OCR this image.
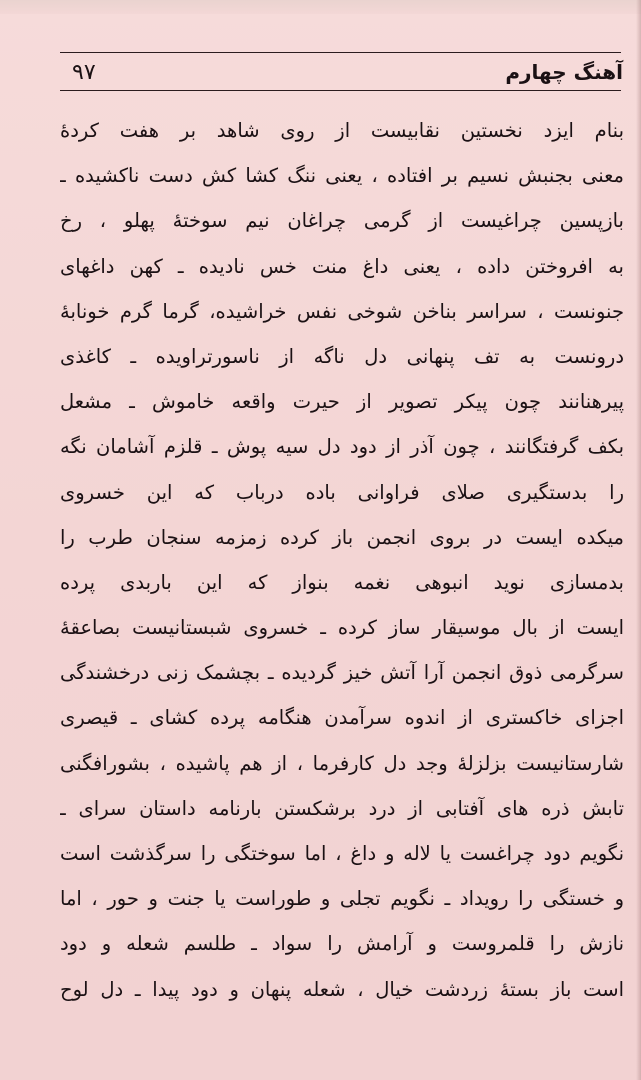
۹۷	آهنگ چهارم
بنام ایزد نخستین نقابیست از روی شاهد بر هفت کردهٔ
معنی بجنبش نسیم بر افتاده ، یعنی ننگ کشا کش دست ناکشیده ـ
بازپسین چراغیست از گرمی چراغان نیم سوختهٔ پهلو ، رخ
به افروختن داده ، یعنی داغ منت خس نادیده ـ کهن داغهای
جنونست ، سراسر بناخن شوخی نفس خراشیده، گرما گرم خونابهٔ
درونست به تف پنهانی دل ناگه از ناسورتراویده ـ کاغذی
پیرهنانند چون پیکر تصویر از حیرت واقعه خاموش ـ مشعل
بکف گرفتگانند ، چون آذر از دود دل سیه پوش ـ قلزم آشامان نگه
را بدستگیری صلای فراوانی باده درباب که این خسروی
میکده ایست در بروی انجمن باز کرده زمزمه سنجان طرب را
بدمسازی نوید انبوهی نغمه بنواز که این باربدی پرده
ایست از بال موسیقار ساز کرده ـ خسروی شبستانیست بصاعقهٔ
سرگرمی ذوق انجمن آرا آتش خیز گردیده ـ بچشمک زنی درخشندگی
اجزای خاکستری از اندوه سرآمدن هنگامه پرده کشای ـ قیصری
شارستانیست بزلزلهٔ وجد دل کارفرما ، از هم پاشیده ، بشورافگنی
تابش ذره های آفتابی از درد برشکستن بارنامه داستان سرای ـ
نگویم دود چراغست یا لاله و داغ ، اما سوختگی را سرگذشت است
و خستگی را رویداد ـ نگویم تجلی و طوراست یا جنت و حور ، اما
نازش را قلمروست و آرامش را سواد ـ طلسم شعله و دود
است باز بستهٔ زردشت خیال ، شعله پنهان و دود پیدا ـ دل لوح
